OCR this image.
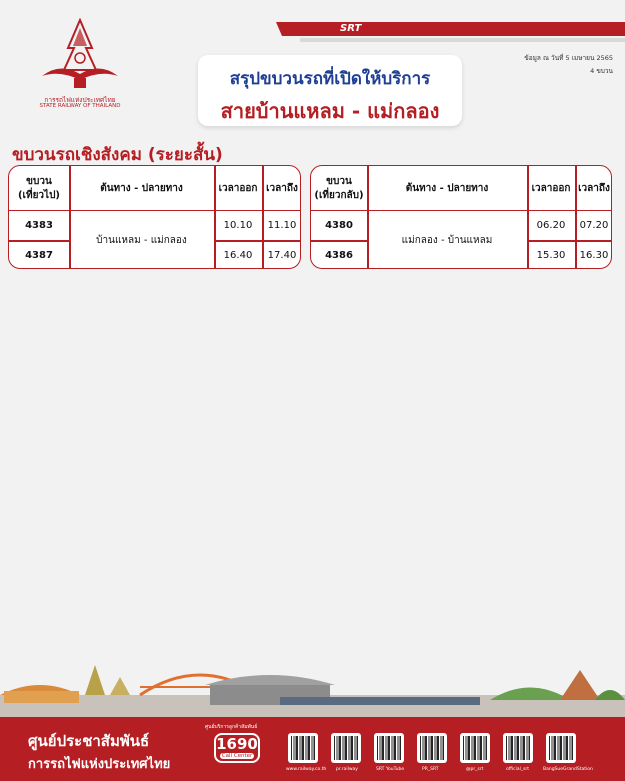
SRT
การรถไฟแห่งประเทศไทย
STATE RAILWAY OF THAILAND
ข้อมูล ณ วันที่ 5 เมษายน 2565
4 ขบวน
สรุปขบวนรถที่เปิดให้บริการ
สายบ้านแหลม - แม่กลอง
ขบวนรถเชิงสังคม (ระยะสั้น)
ขบวน
(เที่ยวไป)
ต้นทาง - ปลายทาง	เวลาออก เวลาถึง
บ้านแหลม - แม่กลอง
4383	10.10	11.10
4387	16.40	17.40
ขบวน
(เที่ยวกลับ)
ต้นทาง - ปลายทาง	เวลาออก เวลาถึง
แม่กลอง - บ้านแหลม
4380	06.20	07.20
4386	15.30	16.30
ศูนย์ประชาสัมพันธ์
การรถไฟแห่งประเทศไทย
ศูนย์บริการลูกค้าสัมพันธ์
1690
Call Center
www.railway.co.th pr.railway	SRT YouTube	PR_SRT	@pr_srt	official_srt	BangSueGrandStation
